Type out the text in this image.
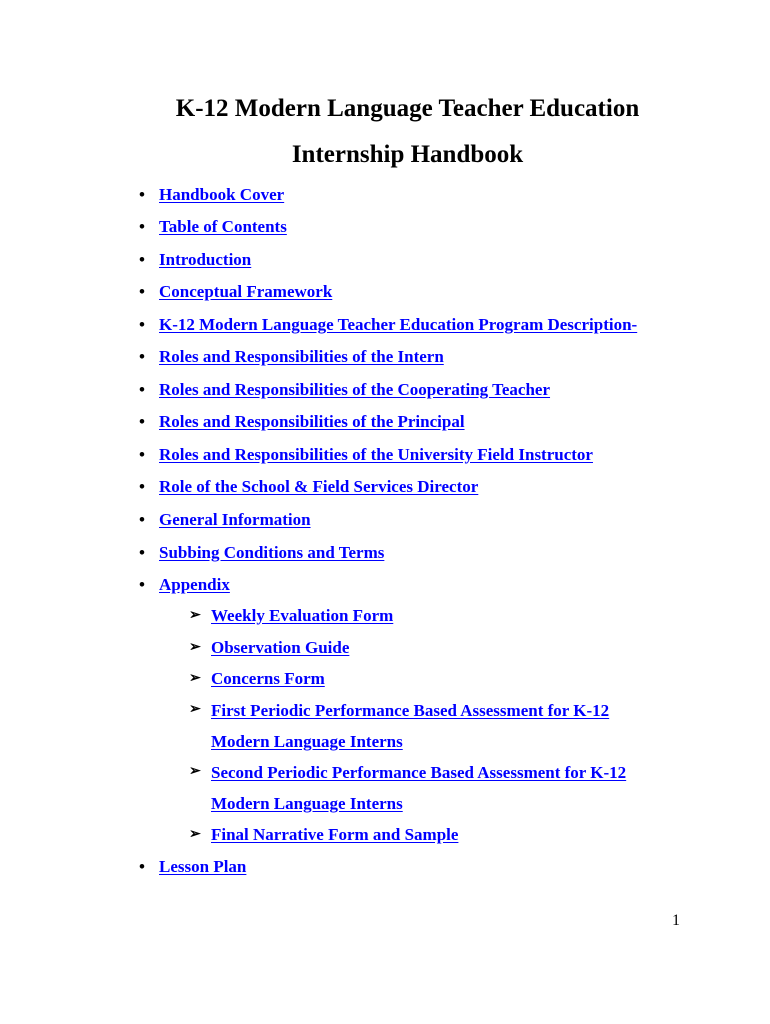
K-12 Modern Language Teacher Education
Internship Handbook
• Handbook Cover
• Table of Contents
• Introduction
• Conceptual Framework
• K-12 Modern Language Teacher Education Program Description-
• Roles and Responsibilities of the Intern
• Roles and Responsibilities of the Cooperating Teacher
• Roles and Responsibilities of the Principal
• Roles and Responsibilities of the University Field Instructor
• Role of the School & Field Services Director
• General Information
• Subbing Conditions and Terms
• Appendix
➢ Weekly Evaluation Form
➢ Observation Guide
➢ Concerns Form
➢ First Periodic Performance Based Assessment for K-12 Modern Language Interns
➢ Second Periodic Performance Based Assessment for K-12 Modern Language Interns
➢ Final Narrative Form and Sample
• Lesson Plan
1
